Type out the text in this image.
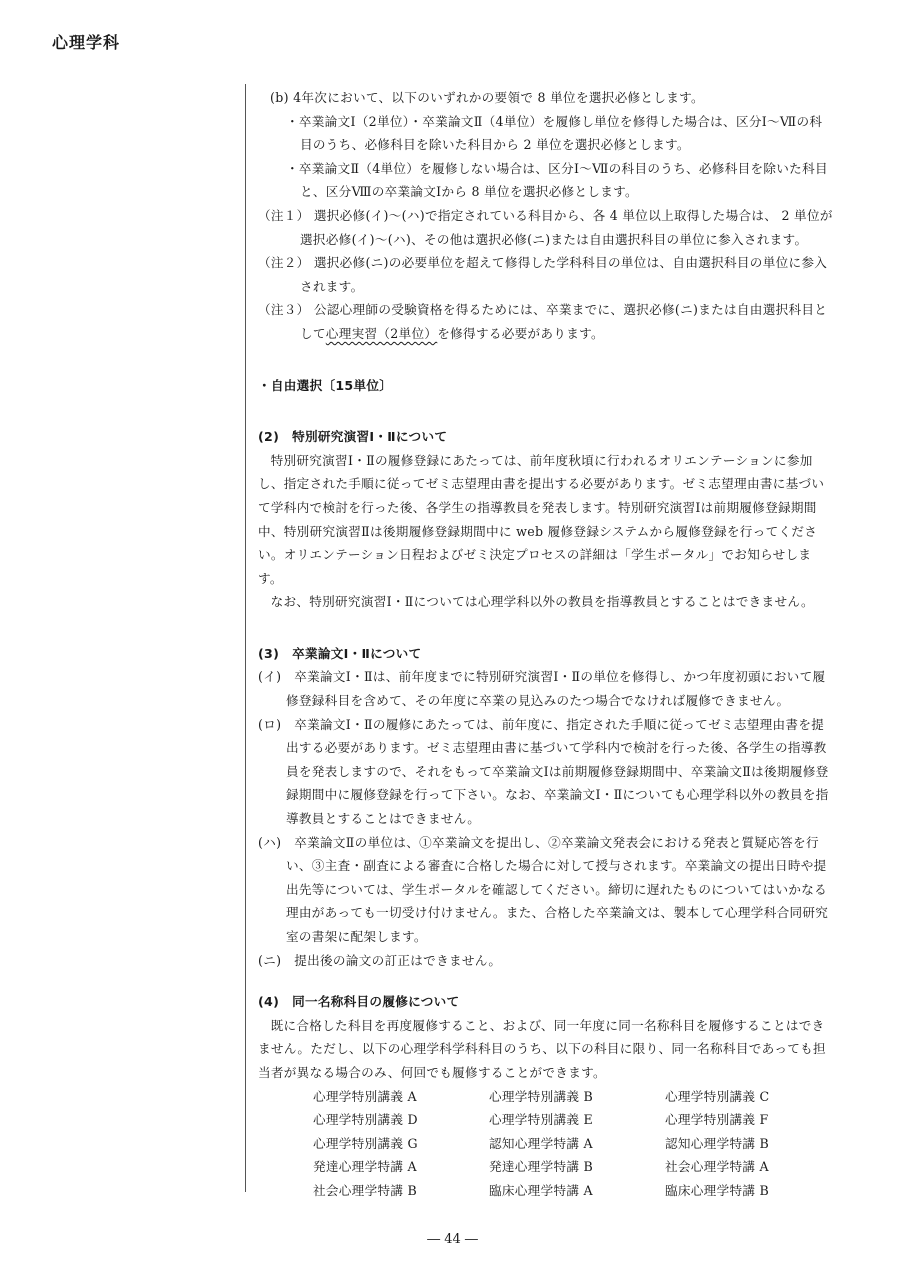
心理学科

(b) 4年次において、以下のいずれかの要領で 8 単位を選択必修とします。

・卒業論文Ⅰ（2単位）・卒業論文Ⅱ（4単位）を履修し単位を修得した場合は、区分Ⅰ～Ⅶの科目のうち、必修科目を除いた科目から 2 単位を選択必修とします。

・卒業論文Ⅱ（4単位）を履修しない場合は、区分Ⅰ～Ⅶの科目のうち、必修科目を除いた科目と、区分Ⅷの卒業論文Ⅰから 8 単位を選択必修とします。

（注１） 選択必修(イ)～(ハ)で指定されている科目から、各 4 単位以上取得した場合は、 2 単位が選択必修(イ)～(ハ)、その他は選択必修(ニ)または自由選択科目の単位に参入されます。

（注２） 選択必修(ニ)の必要単位を超えて修得した学科科目の単位は、自由選択科目の単位に参入されます。

（注３） 公認心理師の受験資格を得るためには、卒業までに、選択必修(ニ)または自由選択科目として心理実習（2単位）を修得する必要があります。

・自由選択〔15単位〕

(2)　特別研究演習Ⅰ・Ⅱについて

特別研究演習Ⅰ・Ⅱの履修登録にあたっては、前年度秋頃に行われるオリエンテーションに参加し、指定された手順に従ってゼミ志望理由書を提出する必要があります。ゼミ志望理由書に基づいて学科内で検討を行った後、各学生の指導教員を発表します。特別研究演習Ⅰは前期履修登録期間中、特別研究演習Ⅱは後期履修登録期間中に web 履修登録システムから履修登録を行ってください。オリエンテーション日程およびゼミ決定プロセスの詳細は「学生ポータル」でお知らせします。

なお、特別研究演習Ⅰ・Ⅱについては心理学科以外の教員を指導教員とすることはできません。

(3)　卒業論文Ⅰ・Ⅱについて

(イ)　 卒業論文Ⅰ・Ⅱは、前年度までに特別研究演習Ⅰ・Ⅱの単位を修得し、かつ年度初頭において履修登録科目を含めて、その年度に卒業の見込みのたつ場合でなければ履修できません。
(ロ)　 卒業論文Ⅰ・Ⅱの履修にあたっては、前年度に、指定された手順に従ってゼミ志望理由書を提出する必要があります。ゼミ志望理由書に基づいて学科内で検討を行った後、各学生の指導教員を発表しますので、それをもって卒業論文Ⅰは前期履修登録期間中、卒業論文Ⅱは後期履修登録期間中に履修登録を行って下さい。なお、卒業論文Ⅰ・Ⅱについても心理学科以外の教員を指導教員とすることはできません。
(ハ)　 卒業論文Ⅱの単位は、①卒業論文を提出し、②卒業論文発表会における発表と質疑応答を行い、③主査・副査による審査に合格した場合に対して授与されます。卒業論文の提出日時や提出先等については、学生ポータルを確認してください。締切に遅れたものについてはいかなる理由があっても一切受け付けません。また、合格した卒業論文は、製本して心理学科合同研究室の書架に配架します。
(ニ)　 提出後の論文の訂正はできません。

(4)　同一名称科目の履修について

既に合格した科目を再度履修すること、および、同一年度に同一名称科目を履修することはできません。ただし、以下の心理学科学科科目のうち、以下の科目に限り、同一名称科目であっても担当者が異なる場合のみ、何回でも履修することができます。

心理学特別講義 A	心理学特別講義 B	心理学特別講義 C
心理学特別講義 D	心理学特別講義 E	心理学特別講義 F
心理学特別講義 G	認知心理学特講 A	認知心理学特講 B
発達心理学特講 A	発達心理学特講 B	社会心理学特講 A
社会心理学特講 B	臨床心理学特講 A	臨床心理学特講 B
― 44 ―
